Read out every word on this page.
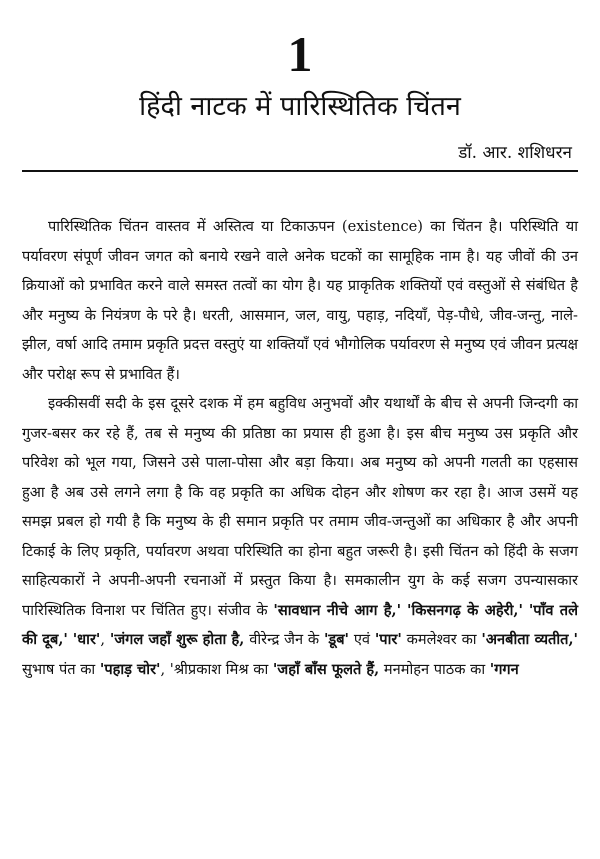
1
हिंदी नाटक में पारिस्थितिक चिंतन
डॉ. आर. शशिधरन

पारिस्थितिक चिंतन वास्तव में अस्तित्व या टिकाऊपन (existence) का चिंतन है। परिस्थिति या पर्यावरण संपूर्ण जीवन जगत को बनाये रखने वाले अनेक घटकों का सामूहिक नाम है। यह जीवों की उन क्रियाओं को प्रभावित करने वाले समस्त तत्वों का योग है। यह प्राकृतिक शक्तियों एवं वस्तुओं से संबंधित है और मनुष्य के नियंत्रण के परे है। धरती, आसमान, जल, वायु, पहाड़, नदियाँ, पेड़-पौधे, जीव-जन्तु, नाले-झील, वर्षा आदि तमाम प्रकृति प्रदत्त वस्तुएं या शक्तियाँ एवं भौगोलिक पर्यावरण से मनुष्य एवं जीवन प्रत्यक्ष और परोक्ष रूप से प्रभावित हैं।

इक्कीसवीं सदी के इस दूसरे दशक में हम बहुविध अनुभवों और यथार्थों के बीच से अपनी जिन्दगी का गुजर-बसर कर रहे हैं, तब से मनुष्य की प्रतिष्ठा का प्रयास ही हुआ है। इस बीच मनुष्य उस प्रकृति और परिवेश को भूल गया, जिसने उसे पाला-पोसा और बड़ा किया। अब मनुष्य को अपनी गलती का एहसास हुआ है अब उसे लगने लगा है कि वह प्रकृति का अधिक दोहन और शोषण कर रहा है। आज उसमें यह समझ प्रबल हो गयी है कि मनुष्य के ही समान प्रकृति पर तमाम जीव-जन्तुओं का अधिकार है और अपनी टिकाई के लिए प्रकृति, पर्यावरण अथवा परिस्थिति का होना बहुत जरूरी है। इसी चिंतन को हिंदी के सजग साहित्यकारों ने अपनी-अपनी रचनाओं में प्रस्तुत किया है। समकालीन युग के कई सजग उपन्यासकार पारिस्थितिक विनाश पर चिंतित हुए। संजीव के 'सावधान नीचे आग है,' 'किसनगढ़ के अहेरी,' 'पाँव तले की दूब,' 'धार', 'जंगल जहाँ शुरू होता है, वीरेन्द्र जैन के 'डूब' एवं 'पार' कमलेश्वर का 'अनबीता व्यतीत,' सुभाष पंत का 'पहाड़ चोर', 'श्रीप्रकाश मिश्र का 'जहाँ बाँस फूलते हैं, मनमोहन पाठक का 'गगन
